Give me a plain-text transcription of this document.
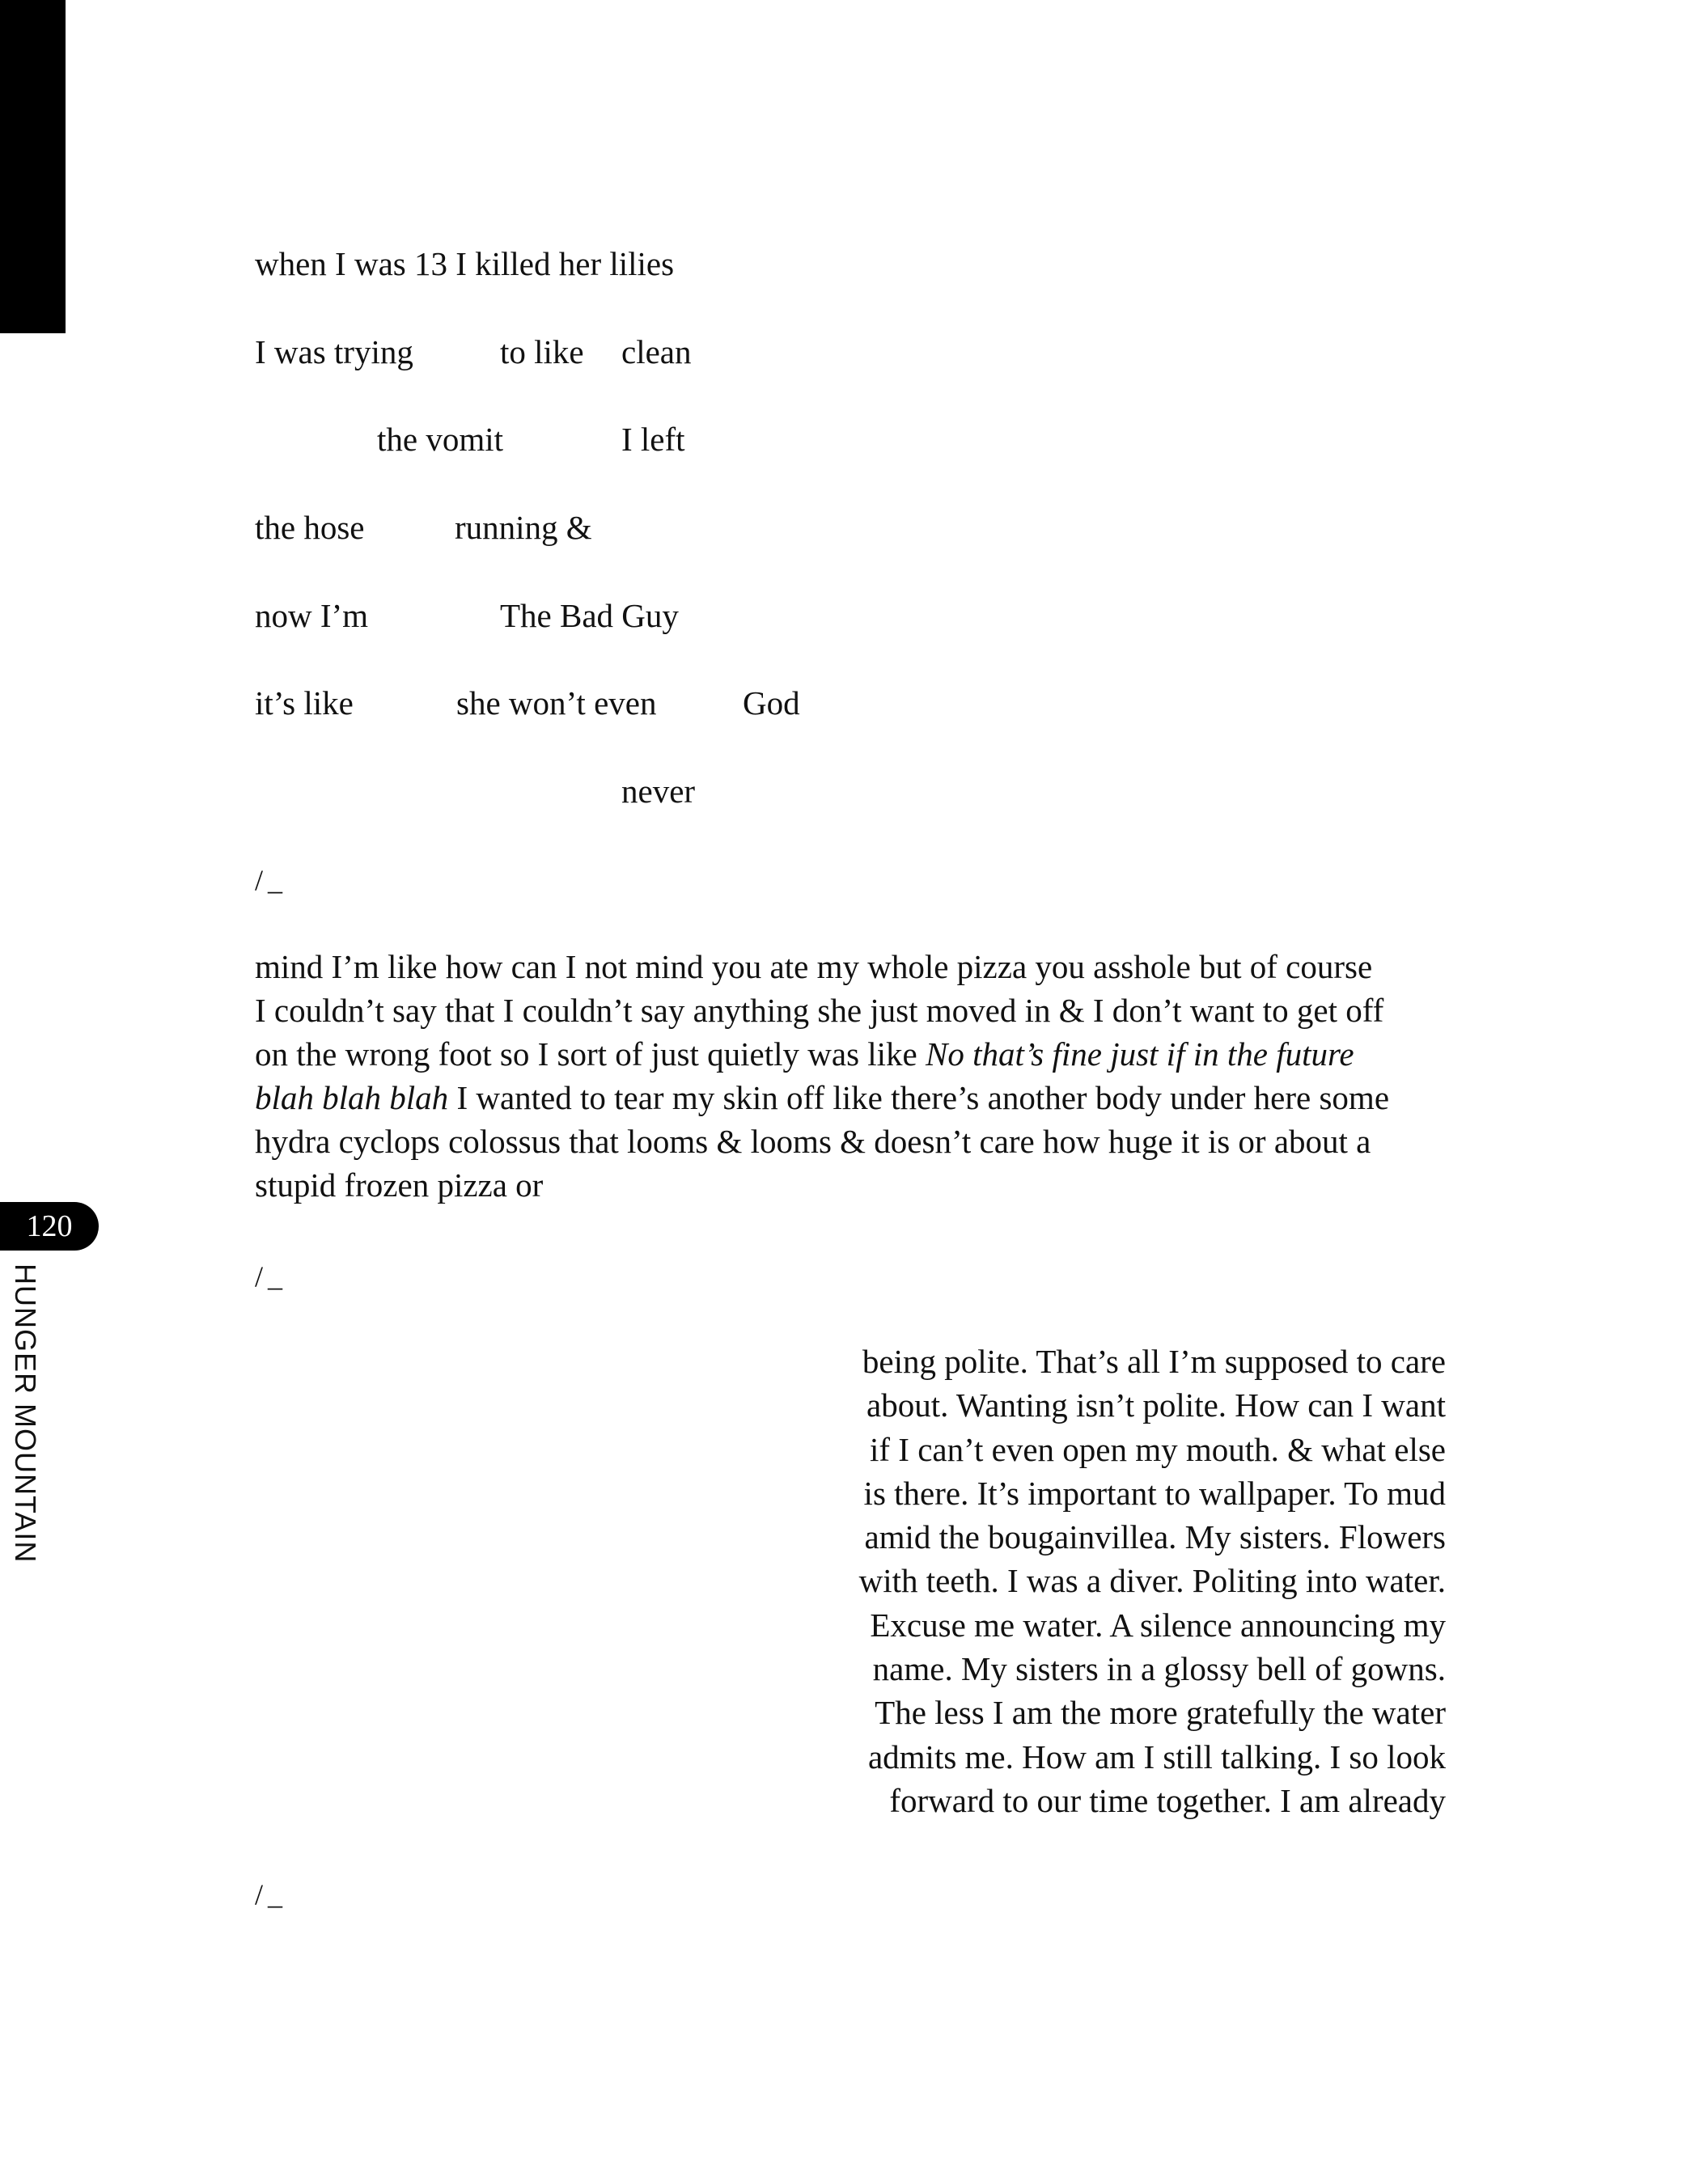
120
HUNGER MOUNTAIN
when I was 13 I killed her lilies
I was trying	to like clean
the vomit	I left
the hose	running &
now I’m	The Bad Guy
it’s like	she won’t even	God
never
/_
mind I’m like how can I not mind you ate my whole pizza you asshole but of course
I couldn’t say that I couldn’t say anything she just moved in & I don’t want to get off
on the wrong foot so I sort of just quietly was like No that’s fine just if in the future
blah blah blah I wanted to tear my skin off like there’s another body under here some
hydra cyclops colossus that looms & looms & doesn’t care how huge it is or about a
stupid frozen pizza or
/_
being polite. That’s all I’m supposed to care
about. Wanting isn’t polite. How can I want
if I can’t even open my mouth. & what else
is there. It’s important to wallpaper. To mud
amid the bougainvillea. My sisters. Flowers
with teeth. I was a diver. Politing into water.
Excuse me water. A silence announcing my
name. My sisters in a glossy bell of gowns.
The less I am the more gratefully the water
admits me. How am I still talking. I so look
forward to our time together. I am already
/_
